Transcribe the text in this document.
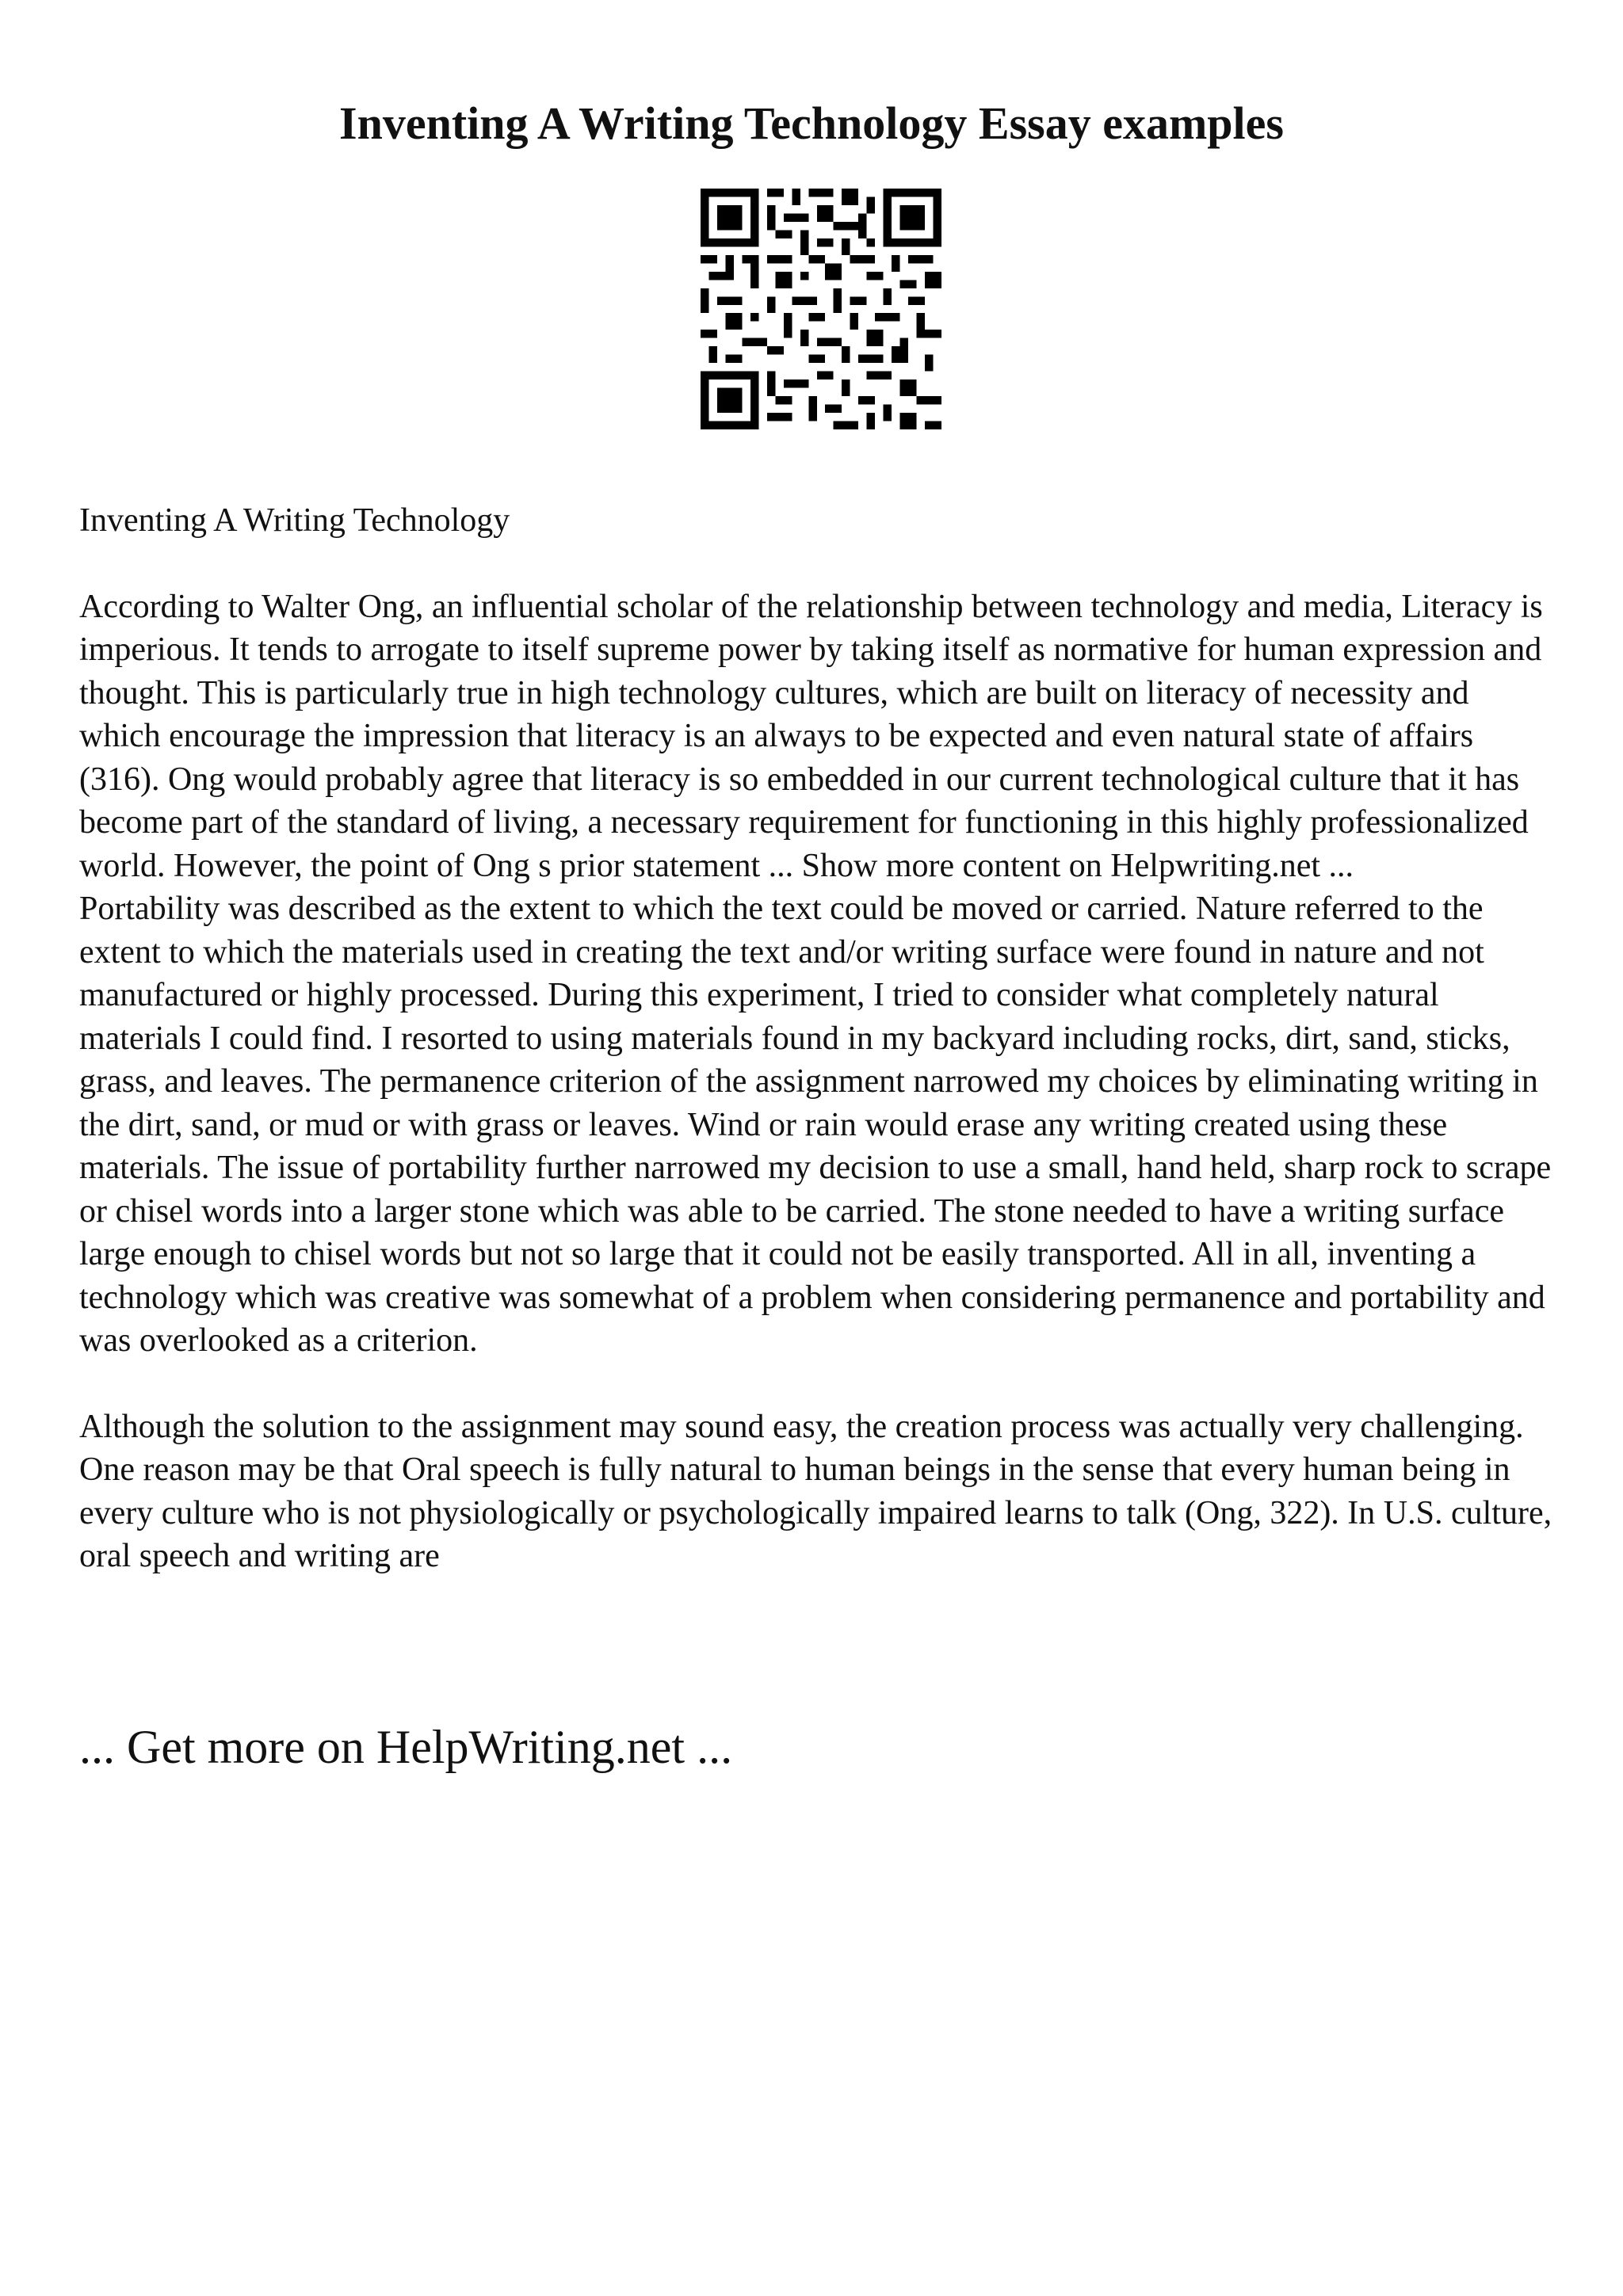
Inventing A Writing Technology Essay examples

Inventing A Writing Technology

According to Walter Ong, an influential scholar of the relationship between technology and media, Literacy is imperious. It tends to arrogate to itself supreme power by taking itself as normative for human expression and thought. This is particularly true in high technology cultures, which are built on literacy of necessity and which encourage the impression that literacy is an always to be expected and even natural state of affairs (316). Ong would probably agree that literacy is so embedded in our current technological culture that it has become part of the standard of living, a necessary requirement for functioning in this highly professionalized world. However, the point of Ong s prior statement ... Show more content on Helpwriting.net ...

Portability was described as the extent to which the text could be moved or carried. Nature referred to the extent to which the materials used in creating the text and/or writing surface were found in nature and not manufactured or highly processed. During this experiment, I tried to consider what completely natural materials I could find. I resorted to using materials found in my backyard including rocks, dirt, sand, sticks, grass, and leaves. The permanence criterion of the assignment narrowed my choices by eliminating writing in the dirt, sand, or mud or with grass or leaves. Wind or rain would erase any writing created using these materials. The issue of portability further narrowed my decision to use a small, hand held, sharp rock to scrape or chisel words into a larger stone which was able to be carried. The stone needed to have a writing surface large enough to chisel words but not so large that it could not be easily transported. All in all, inventing a technology which was creative was somewhat of a problem when considering permanence and portability and was overlooked as a criterion.

Although the solution to the assignment may sound easy, the creation process was actually very challenging. One reason may be that Oral speech is fully natural to human beings in the sense that every human being in every culture who is not physiologically or psychologically impaired learns to talk (Ong, 322). In U.S. culture, oral speech and writing are

... Get more on HelpWriting.net ...
